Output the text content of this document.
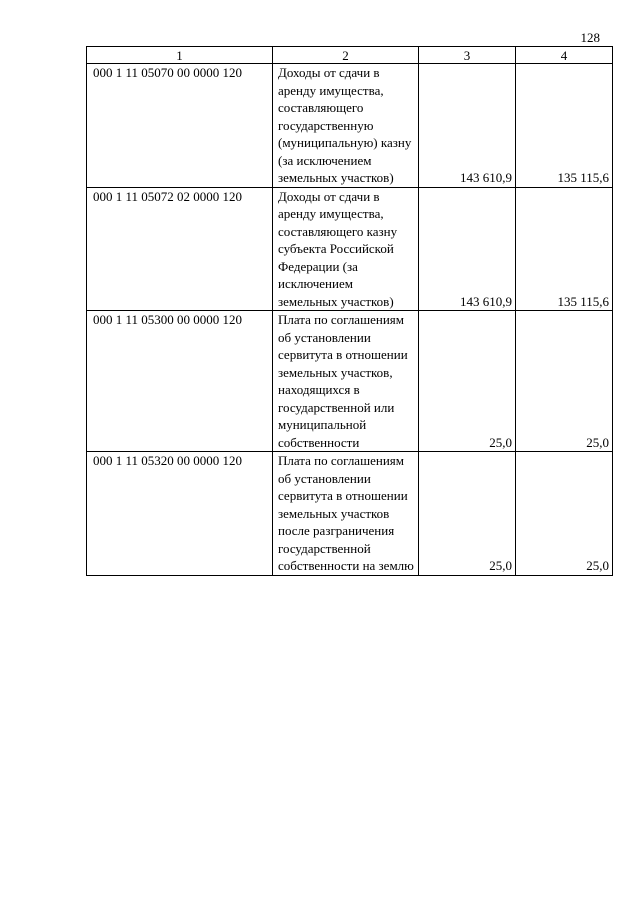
128
1	2	3	4
000 1 11 05070 00 0000 120	Доходы от сдачи в аренду имущества, составляющего государственную (муниципальную) казну (за исключением земельных участков)	143 610,9	135 115,6
000 1 11 05072 02 0000 120	Доходы от сдачи в аренду имущества, составляющего казну субъекта Российской Федерации (за исключением земельных участков)	143 610,9	135 115,6
000 1 11 05300 00 0000 120	Плата по соглашениям об установлении сервитута в отношении земельных участков, находящихся в государственной или муниципальной собственности	25,0	25,0
000 1 11 05320 00 0000 120	Плата по соглашениям об установлении сервитута в отношении земельных участков после разграничения государственной собственности на землю	25,0	25,0
